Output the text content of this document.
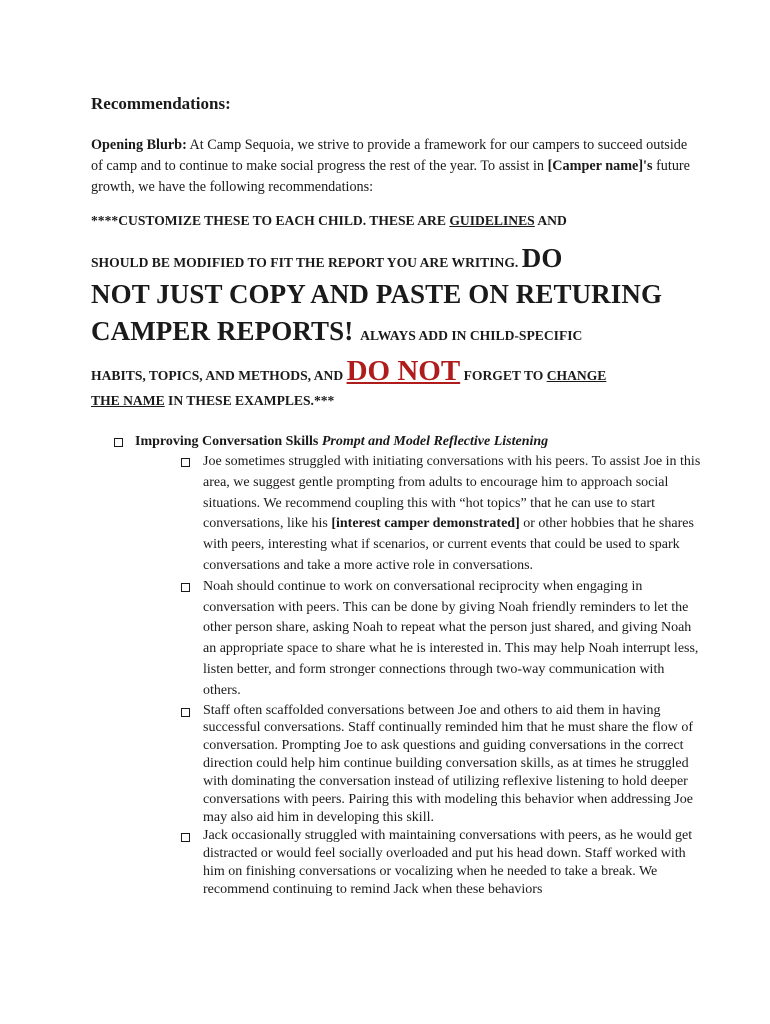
Recommendations:

Opening Blurb: At Camp Sequoia, we strive to provide a framework for our campers to succeed outside of camp and to continue to make social progress the rest of the year. To assist in [Camper name]'s future growth, we have the following recommendations:

****CUSTOMIZE THESE TO EACH CHILD. THESE ARE GUIDELINES AND
SHOULD BE MODIFIED TO FIT THE REPORT YOU ARE WRITING. DO
NOT JUST COPY AND PASTE ON RETURING
CAMPER REPORTS! ALWAYS ADD IN CHILD-SPECIFIC
HABITS, TOPICS, AND METHODS, AND DO NOT FORGET TO CHANGE
THE NAME IN THESE EXAMPLES.***
Improving Conversation Skills Prompt and Model Reflective Listening
Joe sometimes struggled with initiating conversations with his peers. To assist Joe in this area, we suggest gentle prompting from adults to encourage him to approach social situations. We recommend coupling this with “hot topics” that he can use to start conversations, like his [interest camper demonstrated] or other hobbies that he shares with peers, interesting what if scenarios, or current events that could be used to spark conversations and take a more active role in conversations.
Noah should continue to work on conversational reciprocity when engaging in conversation with peers. This can be done by giving Noah friendly reminders to let the other person share, asking Noah to repeat what the person just shared, and giving Noah an appropriate space to share what he is interested in. This may help Noah interrupt less, listen better, and form stronger connections through two-way communication with others.
Staff often scaffolded conversations between Joe and others to aid them in having successful conversations. Staff continually reminded him that he must share the flow of conversation. Prompting Joe to ask questions and guiding conversations in the correct direction could help him continue building conversation skills, as at times he struggled with dominating the conversation instead of utilizing reflexive listening to hold deeper conversations with peers. Pairing this with modeling this behavior when addressing Joe may also aid him in developing this skill.
Jack occasionally struggled with maintaining conversations with peers, as he would get distracted or would feel socially overloaded and put his head down. Staff worked with him on finishing conversations or vocalizing when he needed to take a break. We recommend continuing to remind Jack when these behaviors
